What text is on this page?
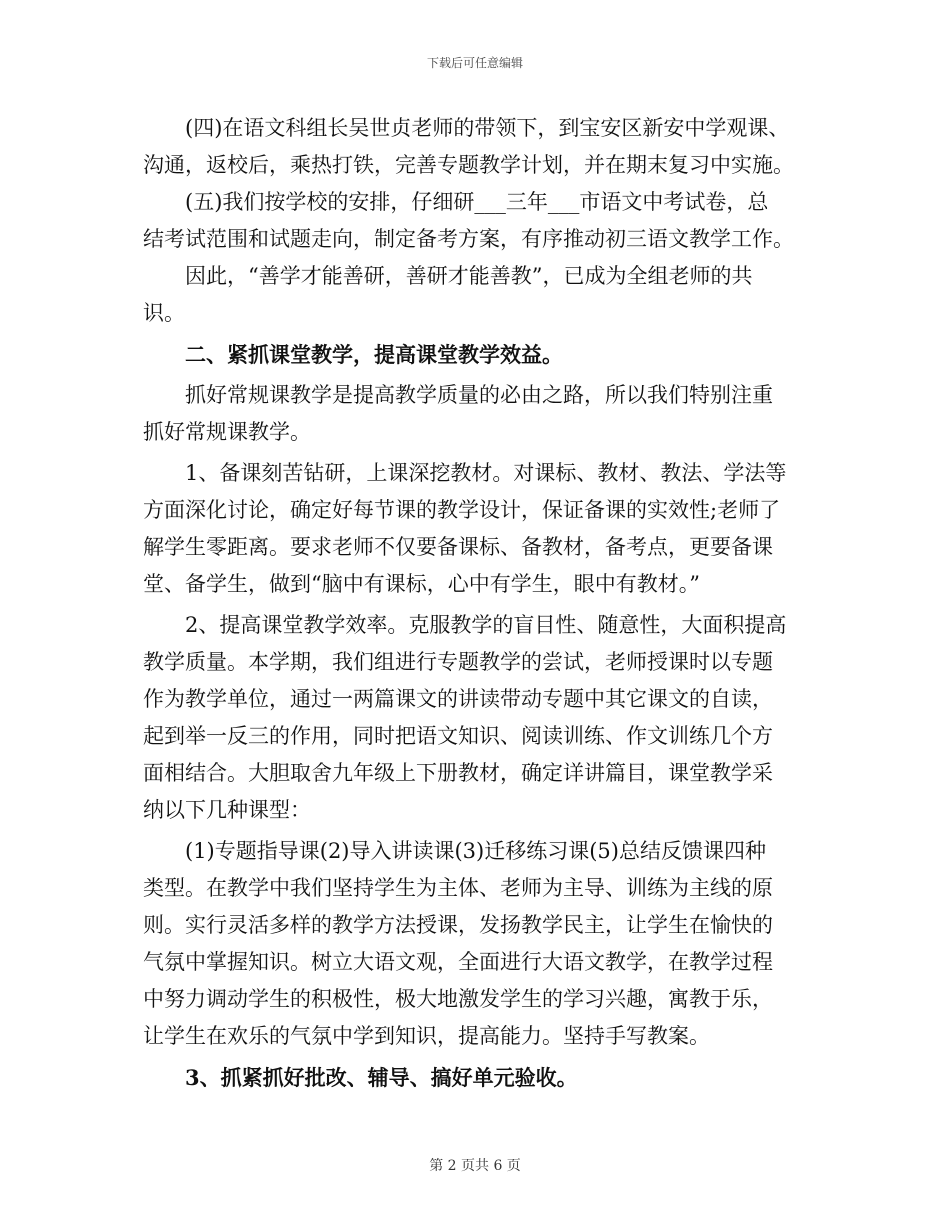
下载后可任意编辑

(四)在语文科组长吴世贞老师的带领下，到宝安区新安中学观课、
沟通，返校后，乘热打铁，完善专题教学计划，并在期末复习中实施。

(五)我们按学校的安排，仔细研___三年___市语文中考试卷，总
结考试范围和试题走向，制定备考方案，有序推动初三语文教学工作。

因此，“善学才能善研，善研才能善教”，已成为全组老师的共
识。

二、紧抓课堂教学，提高课堂教学效益。

抓好常规课教学是提高教学质量的必由之路，所以我们特别注重
抓好常规课教学。

1、备课刻苦钻研，上课深挖教材。对课标、教材、教法、学法等
方面深化讨论，确定好每节课的教学设计，保证备课的实效性;老师了
解学生零距离。要求老师不仅要备课标、备教材，备考点，更要备课
堂、备学生，做到“脑中有课标，心中有学生，眼中有教材。”

2、提高课堂教学效率。克服教学的盲目性、随意性，大面积提高
教学质量。本学期，我们组进行专题教学的尝试，老师授课时以专题
作为教学单位，通过一两篇课文的讲读带动专题中其它课文的自读，
起到举一反三的作用，同时把语文知识、阅读训练、作文训练几个方
面相结合。大胆取舍九年级上下册教材，确定详讲篇目，课堂教学采
纳以下几种课型：

(1)专题指导课(2)导入讲读课(3)迁移练习课(5)总结反馈课四种
类型。在教学中我们坚持学生为主体、老师为主导、训练为主线的原
则。实行灵活多样的教学方法授课，发扬教学民主，让学生在愉快的
气氛中掌握知识。树立大语文观，全面进行大语文教学，在教学过程
中努力调动学生的积极性，极大地激发学生的学习兴趣，寓教于乐，
让学生在欢乐的气氛中学到知识，提高能力。坚持手写教案。

3、抓紧抓好批改、辅导、搞好单元验收。

第 2 页共 6 页
